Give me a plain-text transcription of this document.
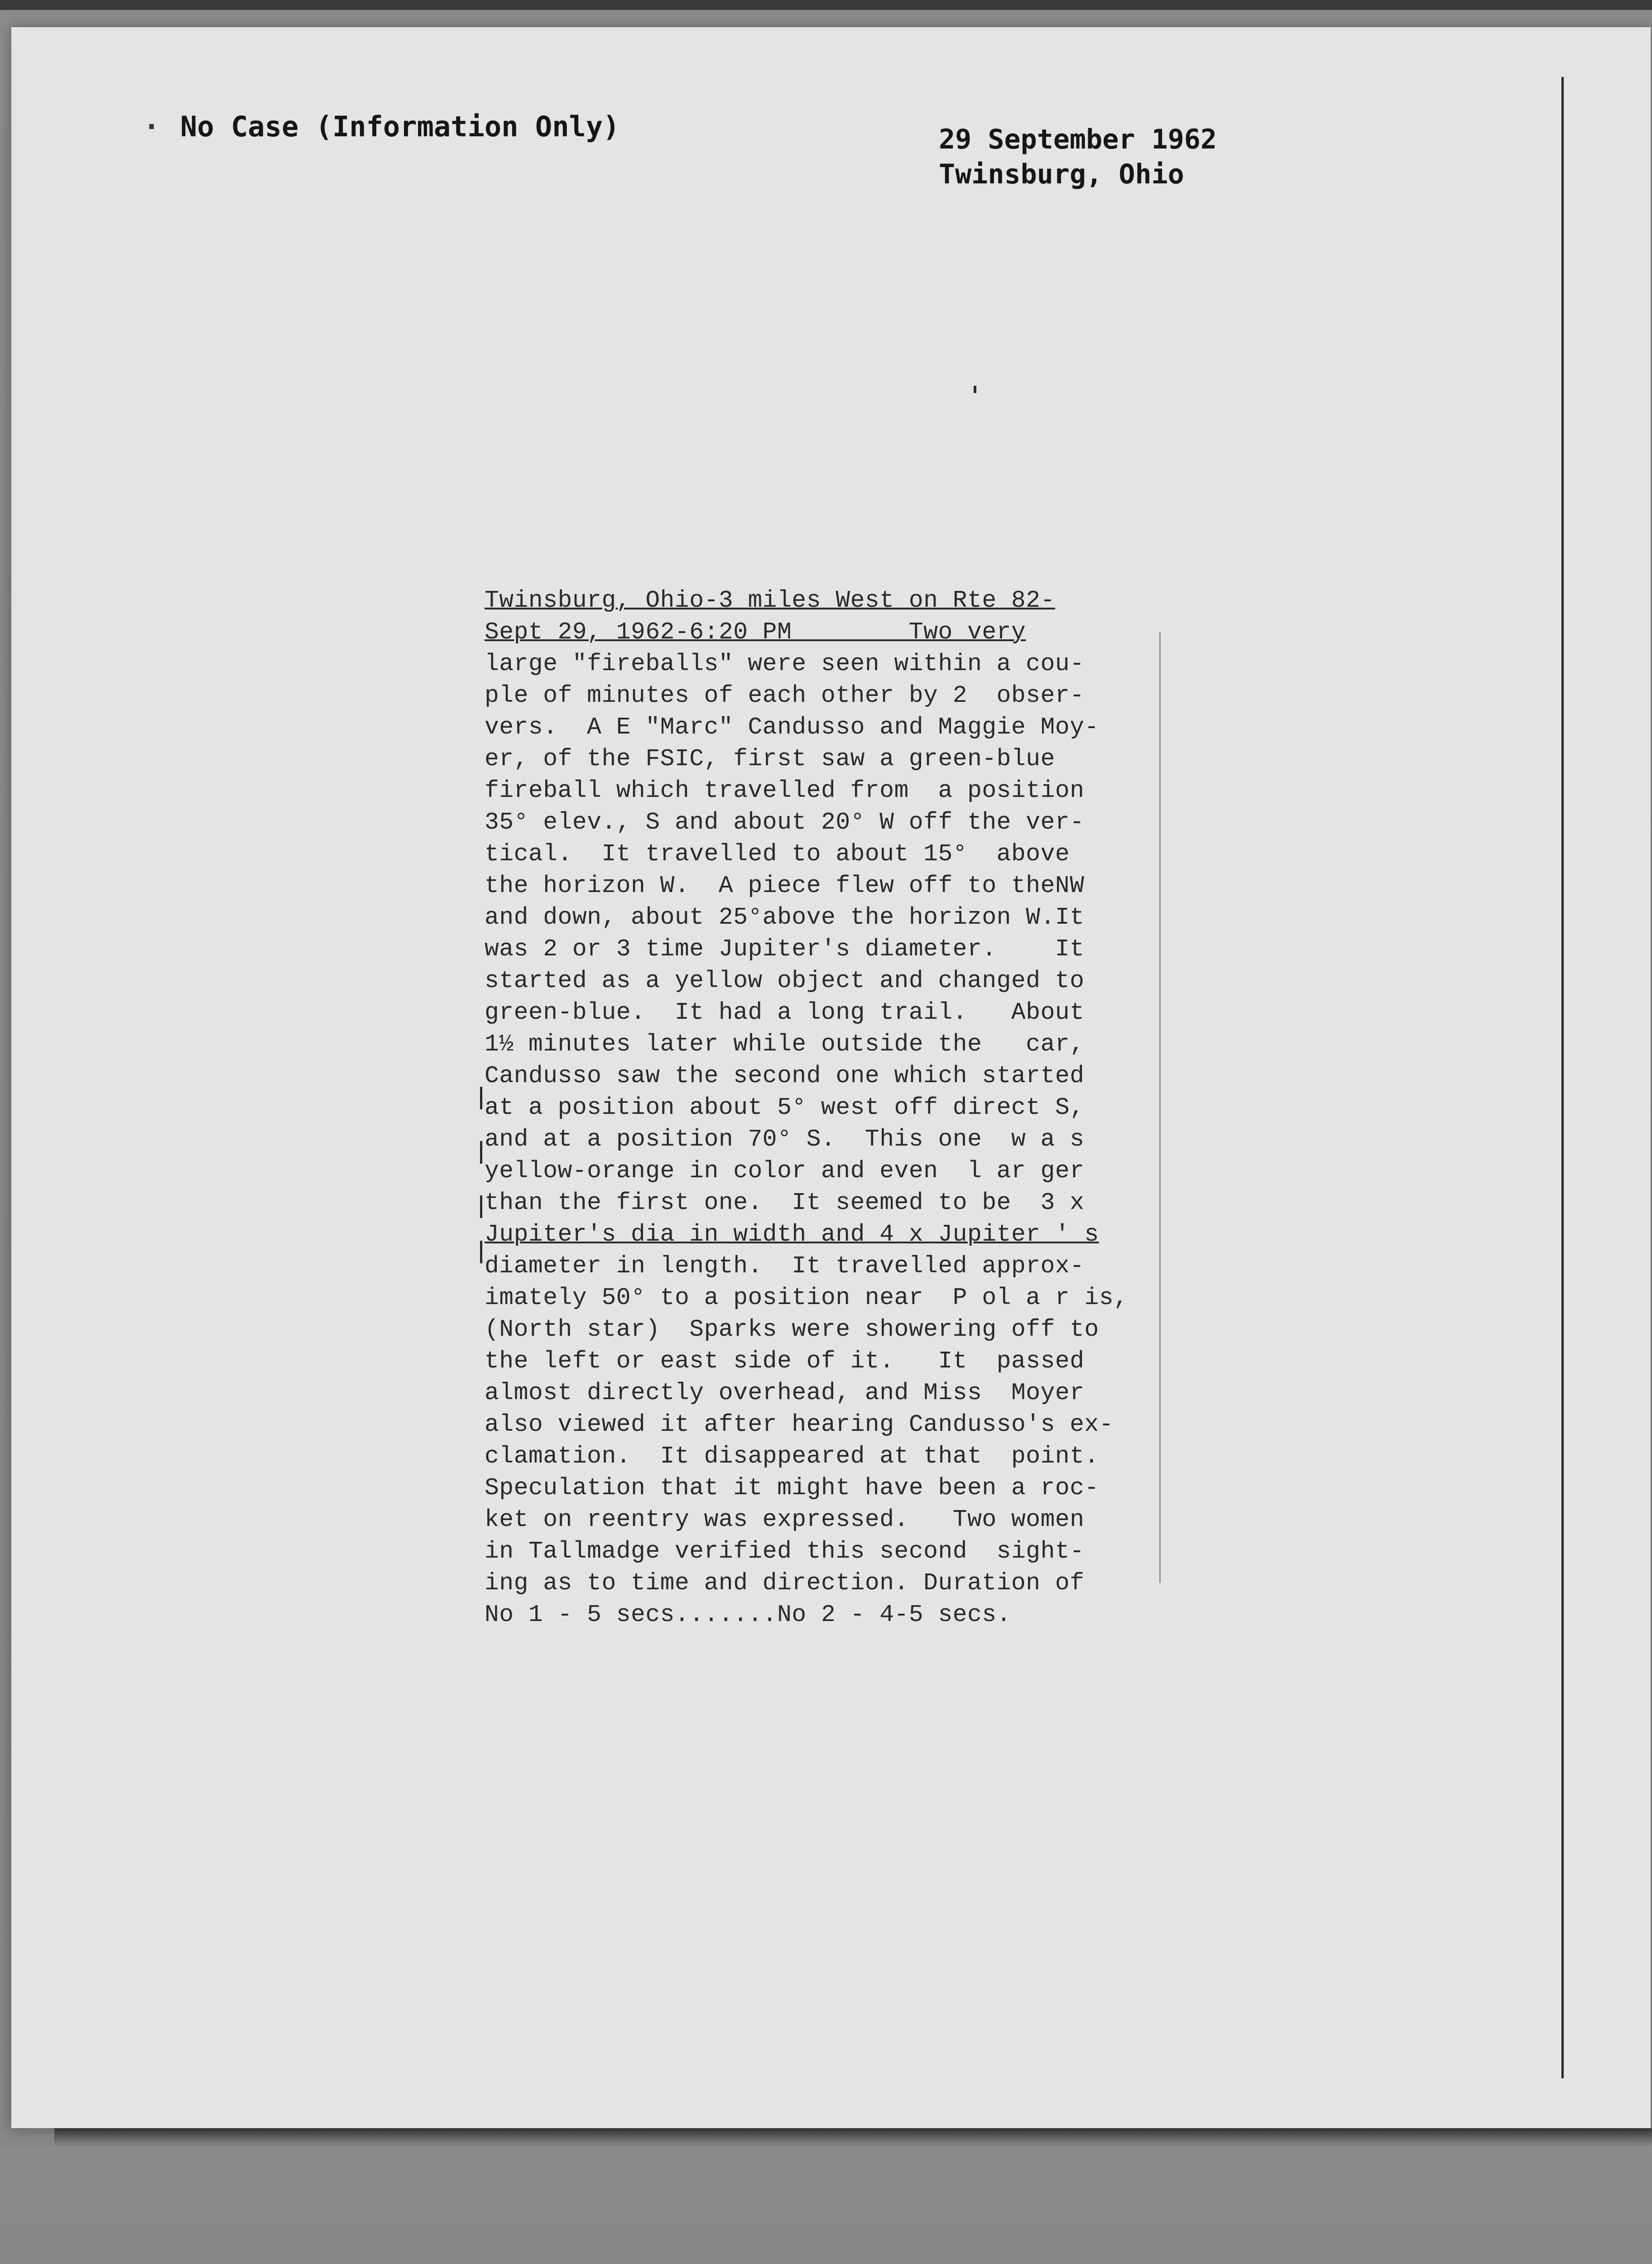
· No Case (Information Only)	29 September 1962
Twinsburg, Ohio
Twinsburg, Ohio-3 miles West on Rte 82-
Sept 29, 1962-6:20 PM        Two very
large "fireballs" were seen within a cou-
ple of minutes of each other by 2  obser-
vers.  A E "Marc" Candusso and Maggie Moy-
er, of the FSIC, first saw a green-blue
fireball which travelled from  a position
35° elev., S and about 20° W off the ver-
tical.  It travelled to about 15°  above
the horizon W.  A piece flew off to theNW
and down, about 25°above the horizon W.It
was 2 or 3 time Jupiter's diameter.    It
started as a yellow object and changed to
green-blue.  It had a long trail.   About
1½ minutes later while outside the   car,
Candusso saw the second one which started
at a position about 5° west off direct S,
and at a position 70° S.  This one  w a s
yellow-orange in color and even  l ar ger
than the first one.  It seemed to be  3 x
Jupiter's dia in width and 4 x Jupiter ' s
diameter in length.  It travelled approx-
imately 50° to a position near  P ol a r is,
(North star)  Sparks were showering off to
the left or east side of it.   It  passed
almost directly overhead, and Miss  Moyer
also viewed it after hearing Candusso's ex-
clamation.  It disappeared at that  point.
Speculation that it might have been a roc-
ket on reentry was expressed.   Two women
in Tallmadge verified this second  sight-
ing as to time and direction. Duration of
No 1 - 5 secs.......No 2 - 4-5 secs.
